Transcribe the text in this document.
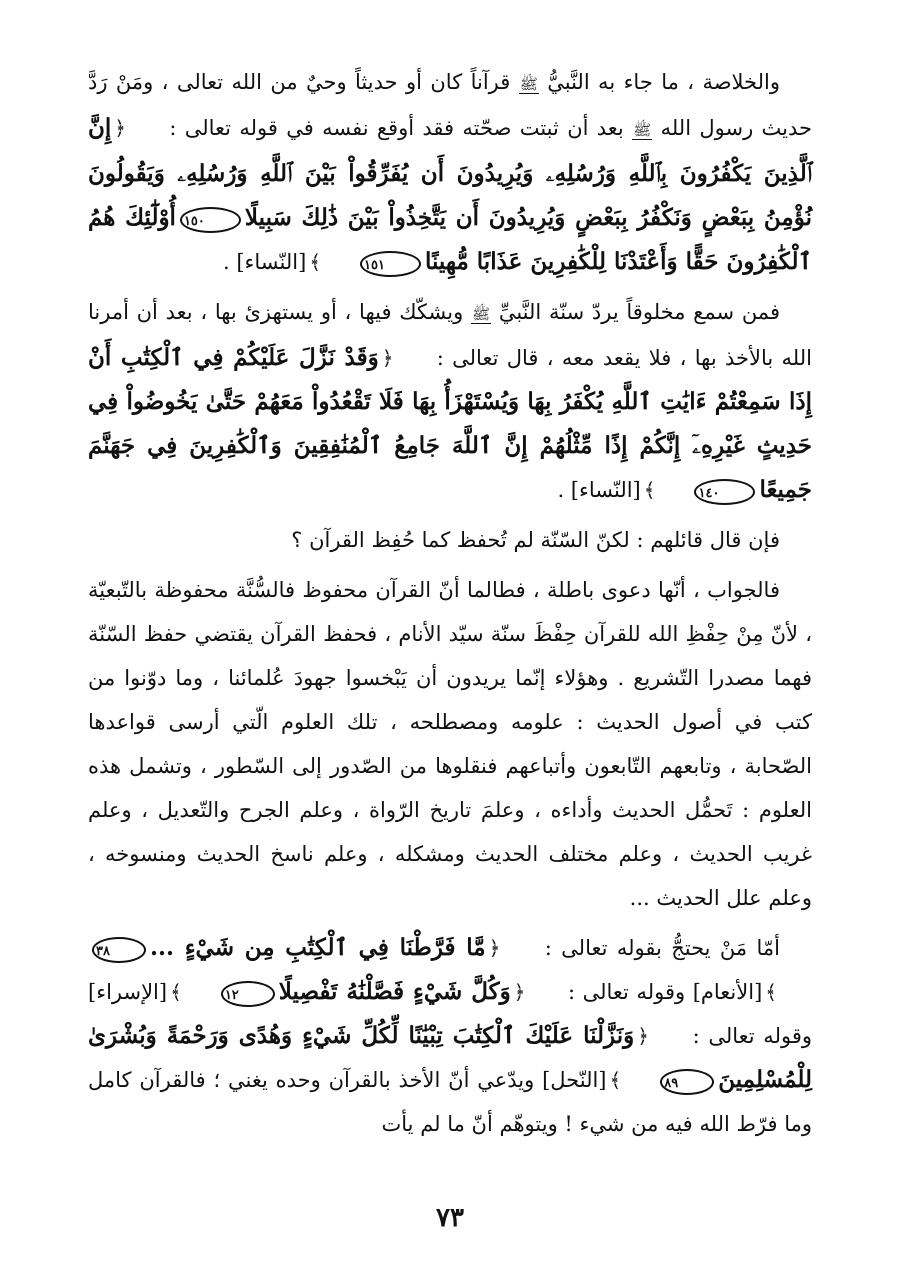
والخلاصة ، ما جاء به النَّبيُّ ﷺ قرآناً كان أو حديثاً وحيٌ من الله تعالى ، ومَنْ رَدَّ حديث رسول الله ﷺ بعد أن ثبتت صحّته فقد أوقع نفسه في قوله تعالى : ﴿إِنَّ ٱلَّذِينَ يَكْفُرُونَ بِٱللَّهِ وَرُسُلِهِۦ وَيُرِيدُونَ أَن يُفَرِّقُواْ بَيْنَ ٱللَّهِ وَرُسُلِهِۦ وَيَقُولُونَ نُؤْمِنُ بِبَعْضٍ وَنَكْفُرُ بِبَعْضٍ وَيُرِيدُونَ أَن يَتَّخِذُواْ بَيْنَ ذَٰلِكَ سَبِيلًا١٥٠أُوْلَٰٓئِكَ هُمُ ٱلْكَٰفِرُونَ حَقًّا وَأَعْتَدْنَا لِلْكَٰفِرِينَ عَذَابًا مُّهِينًا١٥١﴾[النّساء] .

فمن سمع مخلوقاً يردّ سنّة النَّبيِّ ﷺ ويشكّك فيها ، أو يستهزئ بها ، بعد أن أمرنا الله بالأخذ بها ، فلا يقعد معه ، قال تعالى : ﴿وَقَدْ نَزَّلَ عَلَيْكُمْ فِي ٱلْكِتَٰبِ أَنْ إِذَا سَمِعْتُمْ ءَايَٰتِ ٱللَّهِ يُكْفَرُ بِهَا وَيُسْتَهْزَأُ بِهَا فَلَا تَقْعُدُواْ مَعَهُمْ حَتَّىٰ يَخُوضُواْ فِي حَدِيثٍ غَيْرِهِۦٓ إِنَّكُمْ إِذًا مِّثْلُهُمْ إِنَّ ٱللَّهَ جَامِعُ ٱلْمُنَٰفِقِينَ وَٱلْكَٰفِرِينَ فِي جَهَنَّمَ جَمِيعًا١٤٠﴾[النّساء] .

فإن قال قائلهم : لكنّ السّنّة لم تُحفظ كما حُفِظ القرآن ؟

فالجواب ، أنّها دعوى باطلة ، فطالما أنّ القرآن محفوظ فالسُّنَّة محفوظة بالتّبعيّة ، لأنّ مِنْ حِفْظِ الله للقرآن حِفْظَ سنّة سيّد الأنام ، فحفظ القرآن يقتضي حفظ السّنّة فهما مصدرا التّشريع . وهؤلاء إنّما يريدون أن يَبْخسوا جهودَ عُلمائنا ، وما دوّنوا من كتب في أصول الحديث : علومه ومصطلحه ، تلك العلوم الّتي أرسى قواعدها الصّحابة ، وتابعهم التّابعون وأتباعهم فنقلوها من الصّدور إلى السّطور ، وتشمل هذه العلوم : تَحمُّل الحديث وأداءه ، وعلمَ تاريخ الرّواة ، وعلم الجرح والتّعديل ، وعلم غريب الحديث ، وعلم مختلف الحديث ومشكله ، وعلم ناسخ الحديث ومنسوخه ، وعلم علل الحديث ...

أمّا مَنْ يحتجُّ بقوله تعالى : ﴿مَّا فَرَّطْنَا فِي ٱلْكِتَٰبِ مِن شَيْءٍ ...٣٨﴾[الأنعام] وقوله تعالى : ﴿وَكُلَّ شَيْءٍ فَصَّلْنَٰهُ تَفْصِيلًا١٢﴾[الإسراء] وقوله تعالى : ﴿وَنَزَّلْنَا عَلَيْكَ ٱلْكِتَٰبَ تِبْيَٰنًا لِّكُلِّ شَيْءٍ وَهُدًى وَرَحْمَةً وَبُشْرَىٰ لِلْمُسْلِمِينَ٨٩﴾[النّحل] ويدّعي أنّ الأخذ بالقرآن وحده يغني ؛ فالقرآن كامل وما فرّط الله فيه من شيء ! ويتوهّم أنّ ما لم يأت

٧٣
